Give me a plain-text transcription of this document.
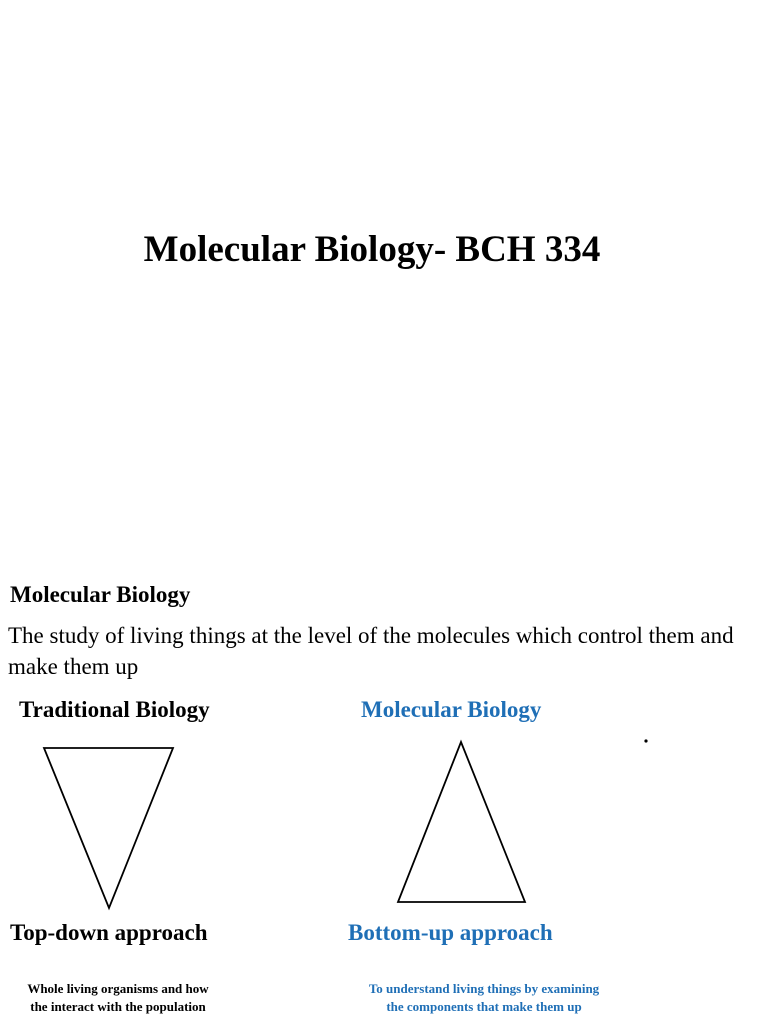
Molecular Biology- BCH 334
Molecular Biology
The study of living things at the level of the molecules which control them and make them up
Traditional Biology	Molecular Biology
Top-down approach	Bottom-up approach
Whole living organisms and how
the interact with the population
To understand living things by examining
the components that make them up
